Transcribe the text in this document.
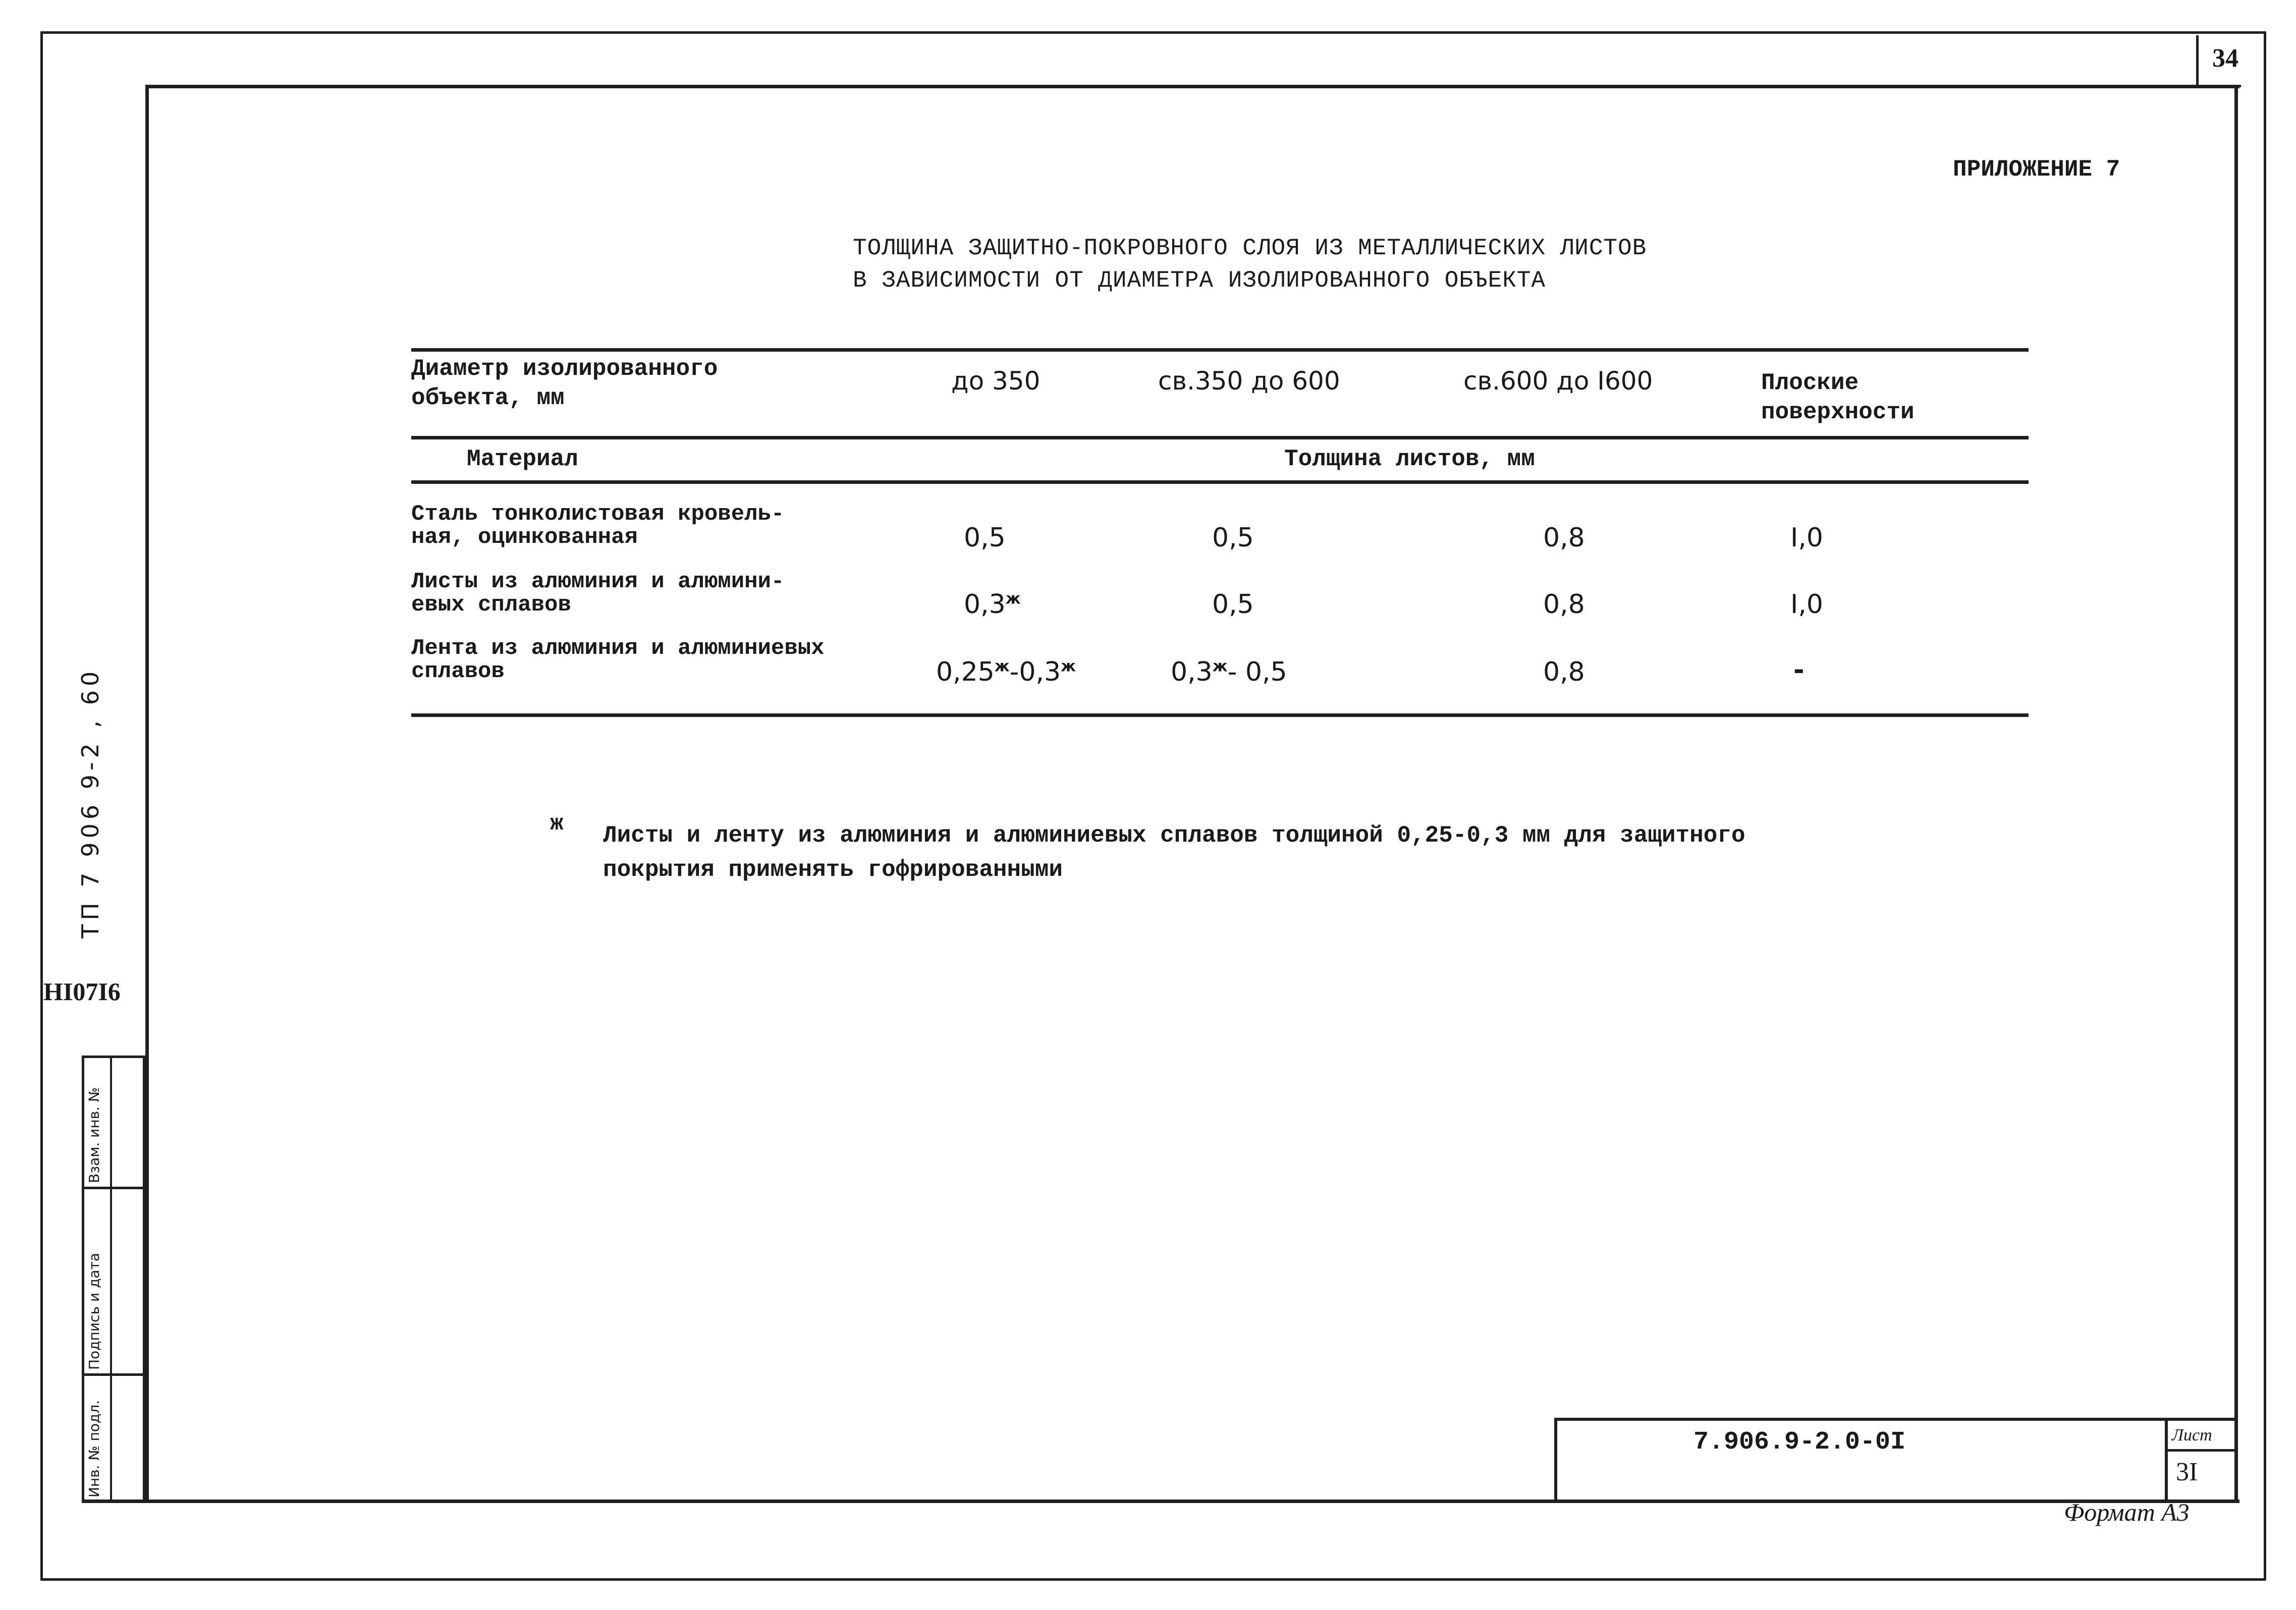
34
ПРИЛОЖЕНИЕ 7
ТОЛЩИНА ЗАЩИТНО-ПОКРОВНОГО СЛОЯ ИЗ МЕТАЛЛИЧЕСКИХ ЛИСТОВ
В ЗАВИСИМОСТИ ОТ ДИАМЕТРА ИЗОЛИРОВАННОГО ОБЪЕКТА
Диаметр изолированного
объекта, мм
до 350	св.350 до 600	св.600 до I600	Плоские
поверхности
Материал	Толщина листов, мм
Сталь тонколистовая кровель-
ная, оцинкованная	0,5	0,5	0,8	I,0
Листы из алюминия и алюмини-
евых сплавов	$0,3^ж$	0,5	0,8	I,0
Лента из алюминия и алюминиевых
сплавов	$0,25^ж-0,3^ж$	$0,3^ж-$ 0,5	0,8	-
ж Листы и ленту из алюминия и алюминиевых сплавов толщиной 0,25-0,3 мм для защитного
покрытия применять гофрированными
ТП 7 906 9-2 , 60
HI07I6
Взам. инв. №
Подпись и дата
Инв. № подл.	7.906.9-2.0-0I	Лист
3I
Формат А3
